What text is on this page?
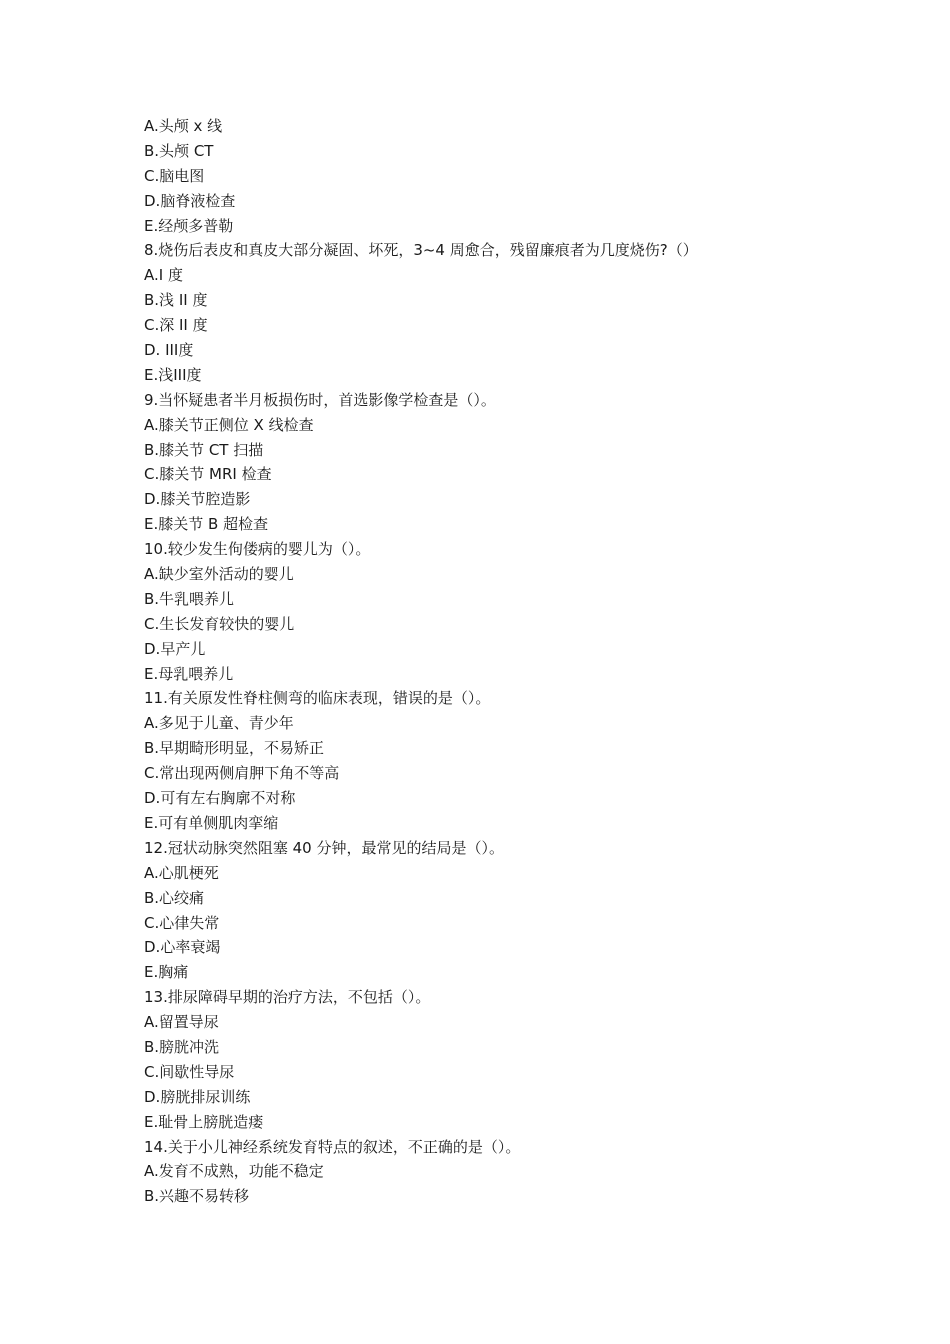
A.头颅 x 线
B.头颅 CT
C.脑电图
D.脑脊液检查
E.经颅多普勒
8.烧伤后表皮和真皮大部分凝固、坏死，3~4 周愈合，残留廉痕者为几度烧伤?（）
A.I 度
B.浅 II 度
C.深 II 度
D. III度
E.浅III度
9.当怀疑患者半月板损伤时，首选影像学检查是（）。
A.膝关节正侧位 X 线检查
B.膝关节 CT 扫描
C.膝关节 MRI 检查
D.膝关节腔造影
E.膝关节 B 超检查
10.较少发生佝偻病的婴儿为（）。
A.缺少室外活动的婴儿
B.牛乳喂养儿
C.生长发育较快的婴儿
D.早产儿
E.母乳喂养儿
11.有关原发性脊柱侧弯的临床表现，错误的是（）。
A.多见于儿童、青少年
B.早期畸形明显，不易矫正
C.常出现两侧肩胛下角不等高
D.可有左右胸廓不对称
E.可有单侧肌肉挛缩
12.冠状动脉突然阻塞 40 分钟，最常见的结局是（）。
A.心肌梗死
B.心绞痛
C.心律失常
D.心率衰竭
E.胸痛
13.排尿障碍早期的治疗方法，不包括（）。
A.留置导尿
B.膀胱冲洗
C.间歇性导尿
D.膀胱排尿训练
E.耻骨上膀胱造瘘
14.关于小儿神经系统发育特点的叙述，不正确的是（）。
A.发育不成熟，功能不稳定
B.兴趣不易转移
